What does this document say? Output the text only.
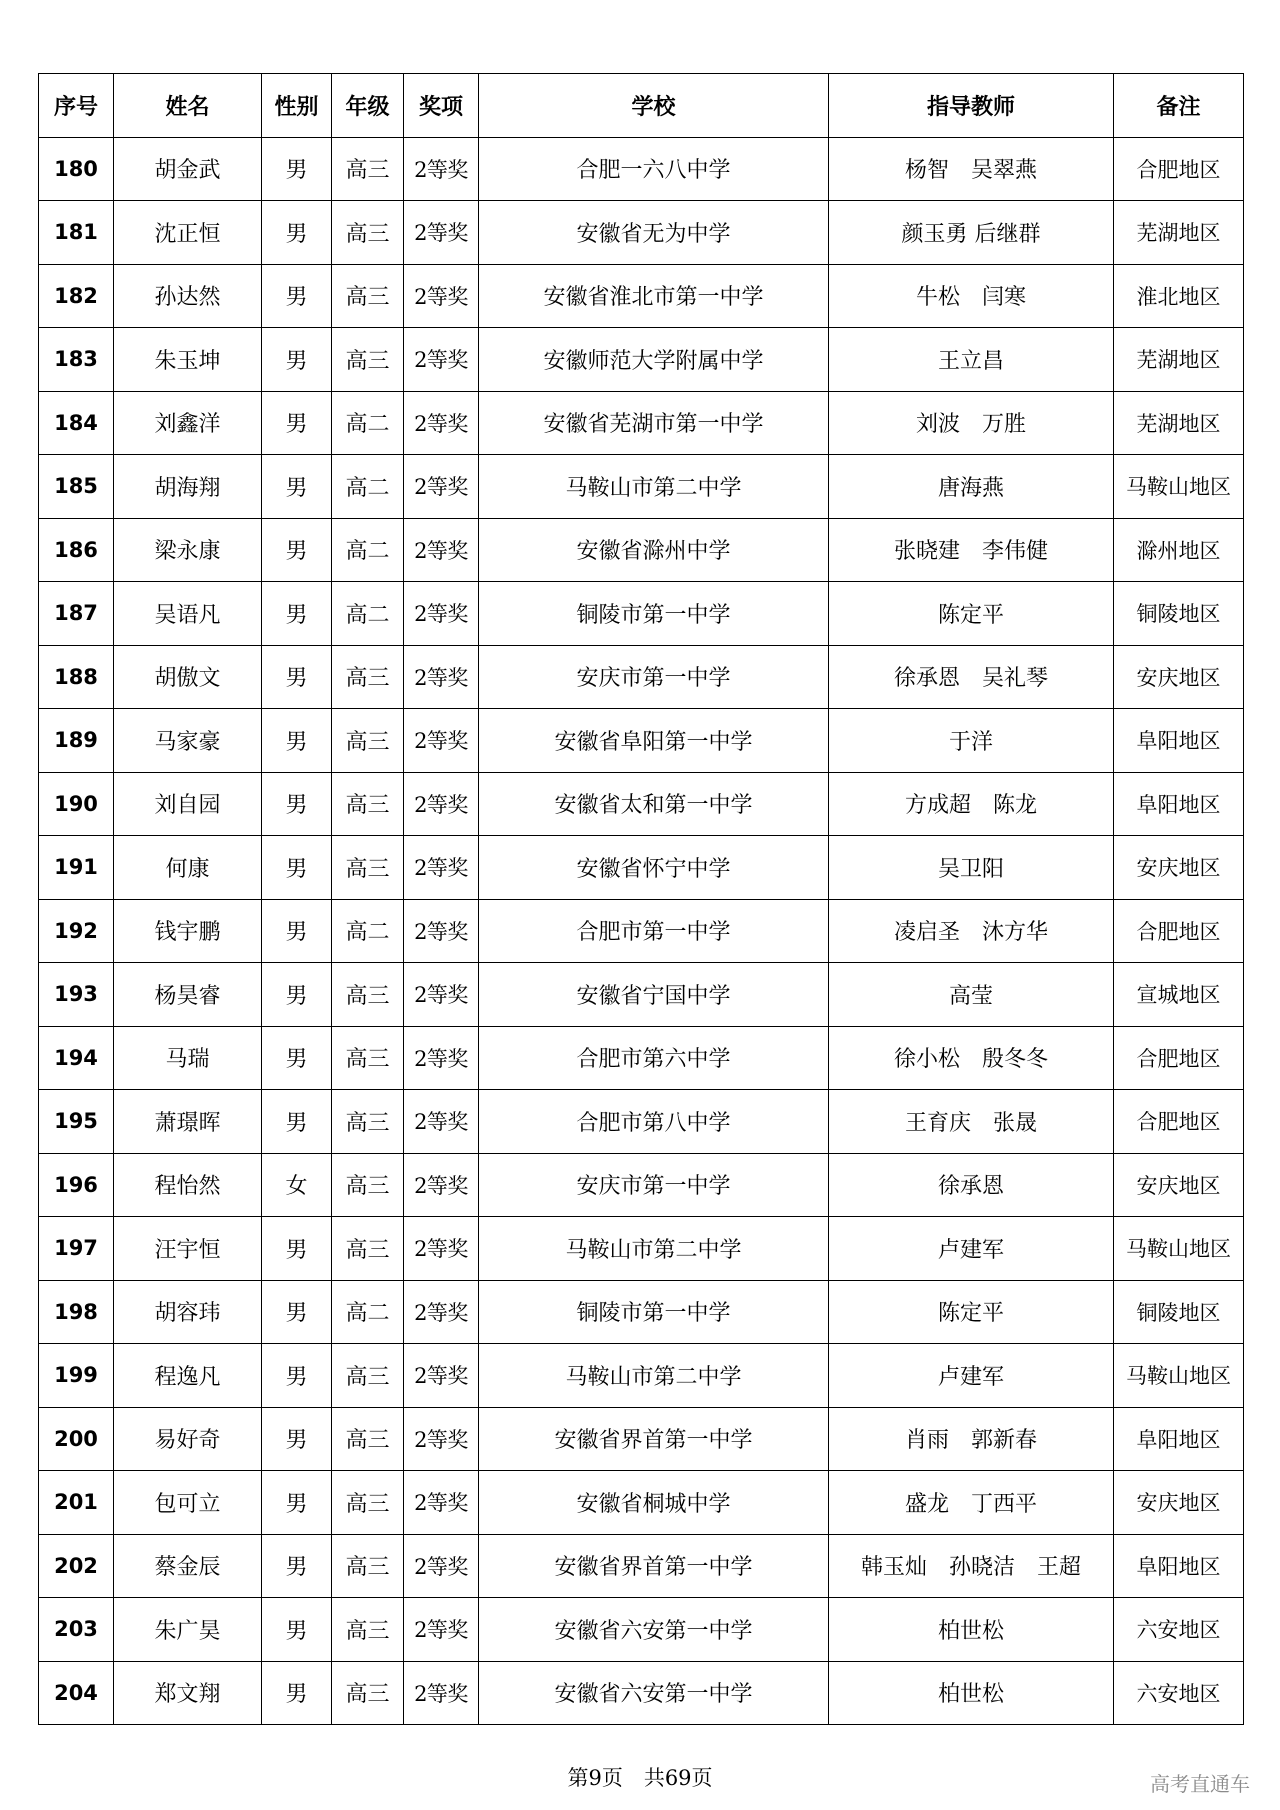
序号	姓名	性别	年级	奖项	学校	指导教师	备注
180	胡金武	男	高三	2等奖	合肥一六八中学	杨智　吴翠燕	合肥地区
181	沈正恒	男	高三	2等奖	安徽省无为中学	颜玉勇 后继群	芜湖地区
182	孙达然	男	高三	2等奖	安徽省淮北市第一中学	牛松　闫寒	淮北地区
183	朱玉坤	男	高三	2等奖	安徽师范大学附属中学	王立昌	芜湖地区
184	刘鑫洋	男	高二	2等奖	安徽省芜湖市第一中学	刘波　万胜	芜湖地区
185	胡海翔	男	高二	2等奖	马鞍山市第二中学	唐海燕	马鞍山地区
186	梁永康	男	高二	2等奖	安徽省滁州中学	张晓建　李伟健	滁州地区
187	吴语凡	男	高二	2等奖	铜陵市第一中学	陈定平	铜陵地区
188	胡傲文	男	高三	2等奖	安庆市第一中学	徐承恩　吴礼琴	安庆地区
189	马家豪	男	高三	2等奖	安徽省阜阳第一中学	于洋	阜阳地区
190	刘自园	男	高三	2等奖	安徽省太和第一中学	方成超　陈龙	阜阳地区
191	何康	男	高三	2等奖	安徽省怀宁中学	吴卫阳	安庆地区
192	钱宇鹏	男	高二	2等奖	合肥市第一中学	凌启圣　沐方华	合肥地区
193	杨昊睿	男	高三	2等奖	安徽省宁国中学	高莹	宣城地区
194	马瑞	男	高三	2等奖	合肥市第六中学	徐小松　殷冬冬	合肥地区
195	萧璟晖	男	高三	2等奖	合肥市第八中学	王育庆　张晟	合肥地区
196	程怡然	女	高三	2等奖	安庆市第一中学	徐承恩	安庆地区
197	汪宇恒	男	高三	2等奖	马鞍山市第二中学	卢建军	马鞍山地区
198	胡容玮	男	高二	2等奖	铜陵市第一中学	陈定平	铜陵地区
199	程逸凡	男	高三	2等奖	马鞍山市第二中学	卢建军	马鞍山地区
200	易好奇	男	高三	2等奖	安徽省界首第一中学	肖雨　郭新春	阜阳地区
201	包可立	男	高三	2等奖	安徽省桐城中学	盛龙　丁西平	安庆地区
202	蔡金辰	男	高三	2等奖	安徽省界首第一中学	韩玉灿　孙晓洁　王超	阜阳地区
203	朱广昊	男	高三	2等奖	安徽省六安第一中学	柏世松	六安地区
204	郑文翔	男	高三	2等奖	安徽省六安第一中学	柏世松	六安地区
第9页　共69页	高考直通车
